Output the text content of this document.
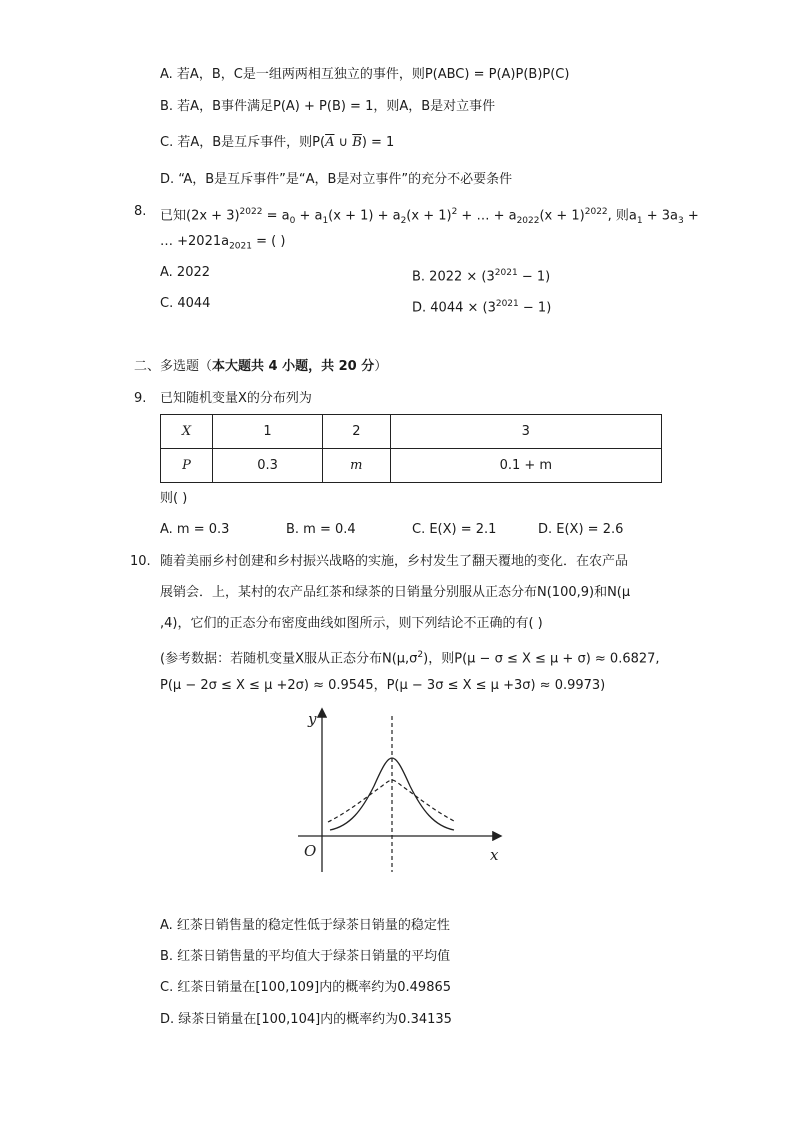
A. 若A，B，C是一组两两相互独立的事件，则P(ABC) = P(A)P(B)P(C)
B. 若A，B事件满足P(A) + P(B) = 1，则A，B是对立事件
C. 若A，B是互斥事件，则$P(\overline{A}$ ∪ $\overline{B}) = 1$
D. “A，B是互斥事件”是“A，B是对立事件”的充分不必要条件
8. 已知$(2x + 3)^{2022} = a_0 + a_1(x + 1) + a_2(x + 1)^2$ + … + $a_{2022}(x + 1)^{2022}$, 则$a_1 + 3a_3$ +
… $+2021a_{2021}$ = ( )
A. 2022	B. $2022 \times (3^{2021} - 1)$
C. 4044	D. $4044 \times (3^{2021} - 1)$
二、多选题（本大题共 4 小题，共 20 分）
9. 已知随机变量X的分布列为
X	1	2	3
P	0.3	m	0.1 + m
则( )
A. m = 0.3	B. m = 0.4	C. E(X) = 2.1	D. E(X) = 2.6
10. 随着美丽乡村创建和乡村振兴战略的实施，乡村发生了翻天覆地的变化．在农产品
展销会．上，某村的农产品红茶和绿茶的日销量分别服从正态分布N(100,9)和N(μ
,4)，它们的正态分布密度曲线如图所示，则下列结论不正确的有( )
(参考数据：若随机变量X服从正态分布$N(\mu,\sigma^2)$，则P(μ − σ ≤ X ≤ μ + σ) ≈ 0.6827,
P(μ − 2σ ≤ X ≤ μ +2σ) ≈ 0.9545，P(μ − 3σ ≤ X ≤ μ +3σ) ≈ 0.9973)
y
x
O
A. 红茶日销售量的稳定性低于绿茶日销量的稳定性
B. 红茶日销售量的平均值大于绿茶日销量的平均值
C. 红茶日销量在[100,109]内的概率约为0.49865
D. 绿茶日销量在[100,104]内的概率约为0.34135
